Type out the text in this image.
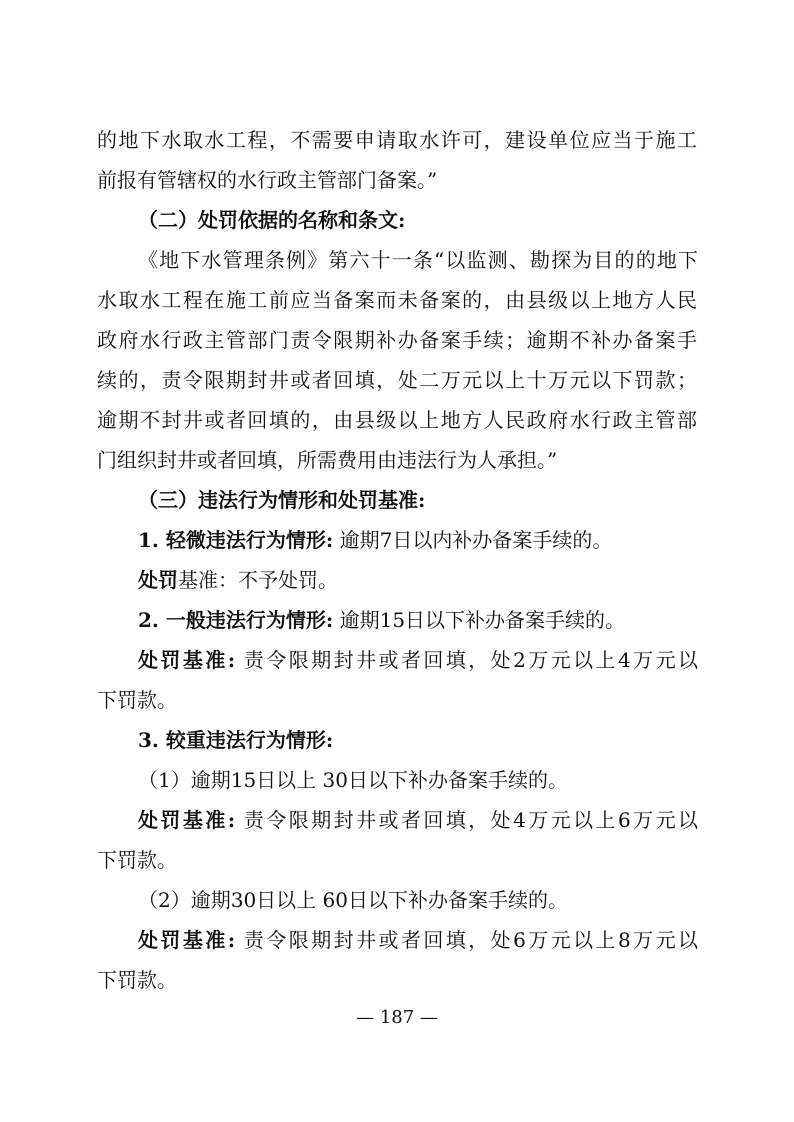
的地下水取水工程，不需要申请取水许可，建设单位应当于施工

前报有管辖权的水行政主管部门备案。”

（二）处罚依据的名称和条文:

《地下水管理条例》第六十一条“以监测、勘探为目的的地下

水取水工程在施工前应当备案而未备案的，由县级以上地方人民

政府水行政主管部门责令限期补办备案手续；逾期不补办备案手

续的，责令限期封井或者回填，处二万元以上十万元以下罚款；

逾期不封井或者回填的，由县级以上地方人民政府水行政主管部

门组织封井或者回填，所需费用由违法行为人承担。”

（三）违法行为情形和处罚基准:

1. 轻微违法行为情形: 逾期7日以内补办备案手续的。

处罚基准：不予处罚。

2. 一般违法行为情形: 逾期15日以下补办备案手续的。

处罚基准: 责令限期封井或者回填，处2万元以上4万元以

下罚款。

3. 较重违法行为情形:

（1）逾期15日以上 30日以下补办备案手续的。

处罚基准: 责令限期封井或者回填，处4万元以上6万元以

下罚款。

（2）逾期30日以上 60日以下补办备案手续的。

处罚基准: 责令限期封井或者回填，处6万元以上8万元以

下罚款。

— 187 —
